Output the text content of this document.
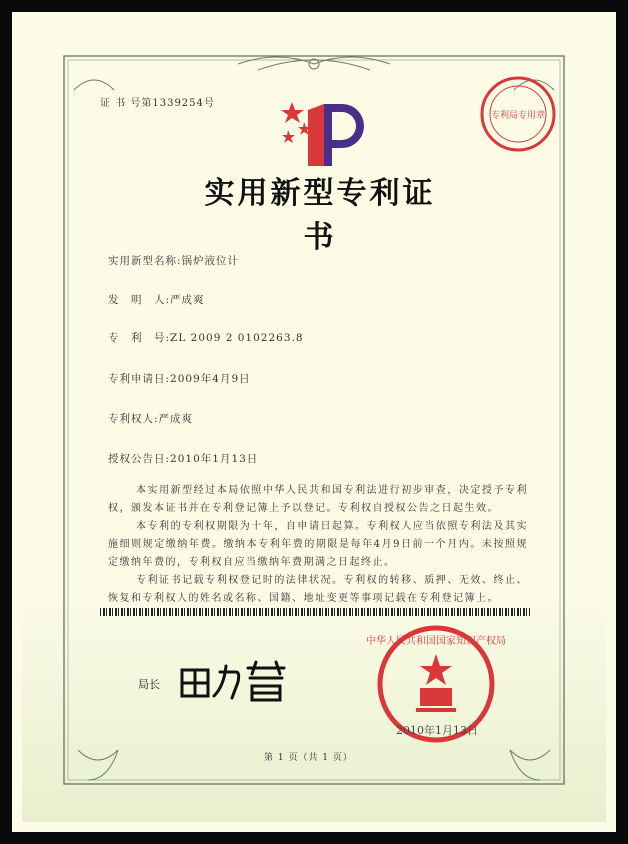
证 书 号第1339254号
专利局专用章
实用新型专利证书
实用新型名称:锅炉液位计
发　明　人:严成爽
专　利　号:ZL 2009 2 0102263.8
专利申请日:2009年4月9日
专利权人:严成爽
授权公告日:2010年1月13日
本实用新型经过本局依照中华人民共和国专利法进行初步审查，决定授予专利权，颁发本证书并在专利登记簿上予以登记。专利权自授权公告之日起生效。
本专利的专利权期限为十年，自申请日起算。专利权人应当依照专利法及其实施细则规定缴纳年费。缴纳本专利年费的期限是每年4月9日前一个月内。未按照规定缴纳年费的，专利权自应当缴纳年费期满之日起终止。
专利证书记载专利权登记时的法律状况。专利权的转移、质押、无效、终止、恢复和专利权人的姓名或名称、国籍、地址变更等事项记载在专利登记簿上。
局长
中华人民共和国国家知识产权局
2010年1月13日
第 1 页（共 1 页）
